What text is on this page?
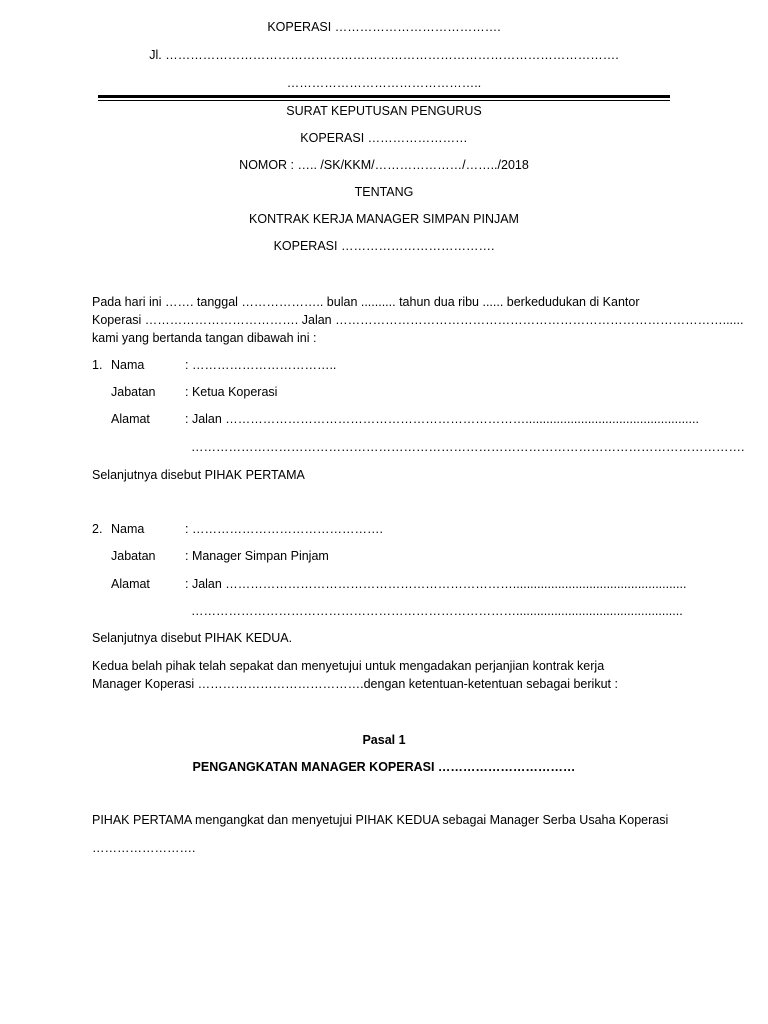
KOPERASI ………………………………….
Jl. ……………………………………………………………………………………………….
………………………………………..
SURAT KEPUTUSAN PENGURUS
KOPERASI ……………………
NOMOR : ….. /SK/KKM/…………………/……../2018
TENTANG
KONTRAK KERJA MANAGER SIMPAN PINJAM
KOPERASI ……………………………….
Pada hari ini ……. tanggal ……………….. bulan .......... tahun dua ribu ...... berkedudukan di Kantor
Koperasi ………………………………. Jalan …………………………………………………………………………………......
kami yang bertanda tangan dibawah ini :
1. Nama	: ……………………………..
Jabatan : Ketua Koperasi
Alamat	: Jalan ………………………………………………………………..................................................
…………………………………………………………………………………………………………………….
Selanjutnya disebut PIHAK PERTAMA
2. Nama	: ……………………………………….
Jabatan : Manager Simpan Pinjam
Alamat	: Jalan ……………………………………………………………..................................................
……………………………………………………………………................................................
Selanjutnya disebut PIHAK KEDUA.
Kedua belah pihak telah sepakat dan menyetujui untuk mengadakan perjanjian kontrak kerja
Manager Koperasi ………………………………….dengan ketentuan-ketentuan sebagai berikut :
Pasal 1
PENGANGKATAN MANAGER KOPERASI ……………………………
PIHAK PERTAMA mengangkat dan menyetujui PIHAK KEDUA sebagai Manager Serba Usaha Koperasi
…………………….
